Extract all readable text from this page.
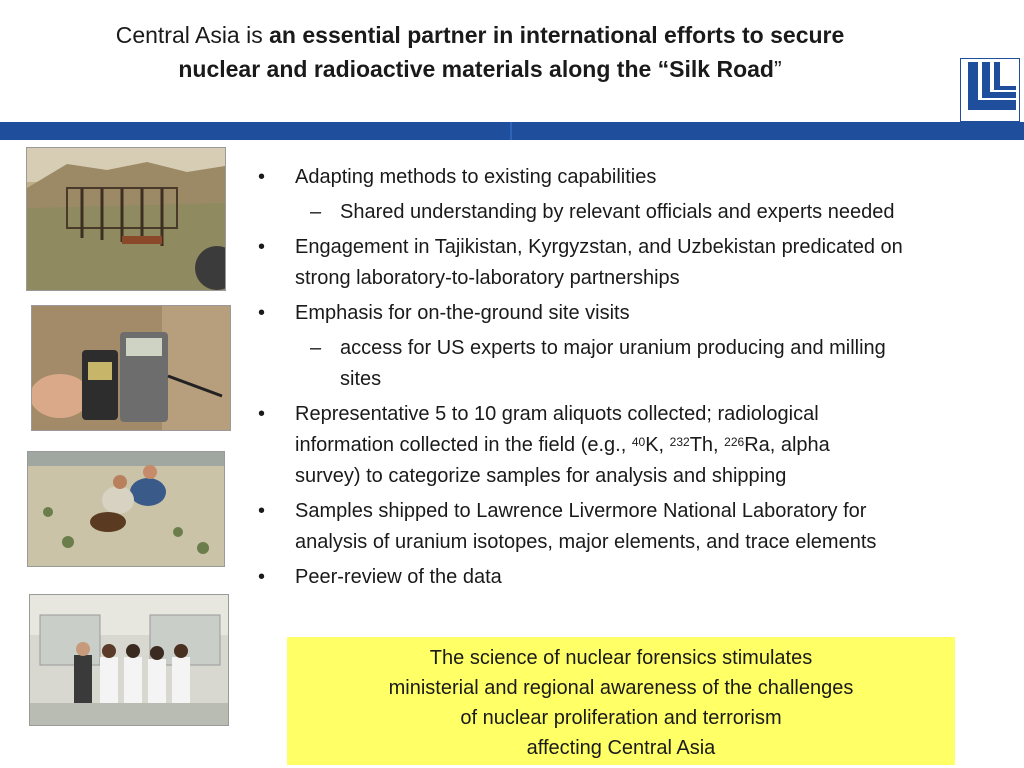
Central Asia is an essential partner in international efforts to secure
nuclear and radioactive materials along the “Silk Road”
• Adapting methods to existing capabilities
– Shared understanding by relevant officials and experts needed
• Engagement in Tajikistan, Kyrgyzstan, and Uzbekistan predicated on
strong laboratory-to-laboratory partnerships
• Emphasis for on-the-ground site visits
– access for US experts to major uranium producing and milling
sites
• Representative 5 to 10 gram aliquots collected; radiological
information collected in the field (e.g., $^{40}$K, $^{232}$Th, $^{226}$Ra, alpha
survey) to categorize samples for analysis and shipping
• Samples shipped to Lawrence Livermore National Laboratory for
analysis of uranium isotopes, major elements, and trace elements
• Peer-review of the data
The science of nuclear forensics stimulates
ministerial and regional awareness of the challenges
of nuclear proliferation and terrorism
affecting Central Asia
